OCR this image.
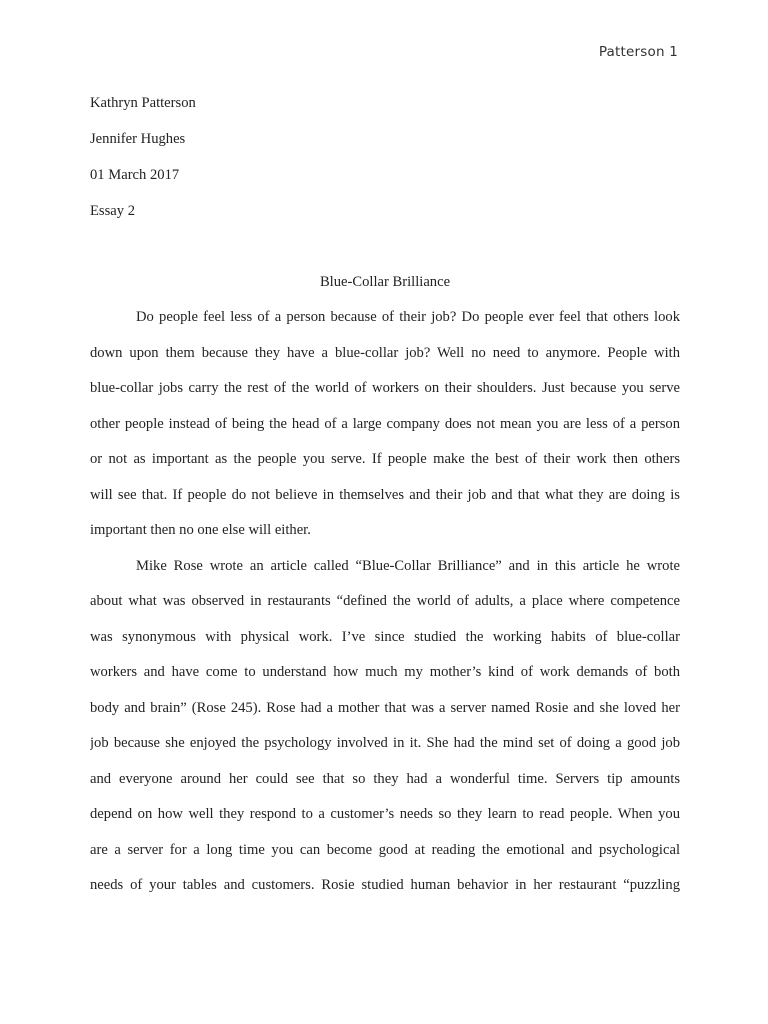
Patterson 1
Kathryn Patterson
Jennifer Hughes
01 March 2017
Essay 2
Blue-Collar Brilliance
Do people feel less of a person because of their job? Do people ever feel that others look
down upon them because they have a blue-collar job? Well no need to anymore. People with
blue-collar jobs carry the rest of the world of workers on their shoulders. Just because you serve
other people instead of being the head of a large company does not mean you are less of a person
or not as important as the people you serve. If people make the best of their work then others
will see that. If people do not believe in themselves and their job and that what they are doing is
important then no one else will either.
Mike Rose wrote an article called “Blue-Collar Brilliance” and in this article he wrote
about what was observed in restaurants “defined the world of adults, a place where competence
was synonymous with physical work. I’ve since studied the working habits of blue-collar
workers and have come to understand how much my mother’s kind of work demands of both
body and brain” (Rose 245). Rose had a mother that was a server named Rosie and she loved her
job because she enjoyed the psychology involved in it. She had the mind set of doing a good job
and everyone around her could see that so they had a wonderful time. Servers tip amounts
depend on how well they respond to a customer’s needs so they learn to read people. When you
are a server for a long time you can become good at reading the emotional and psychological
needs of your tables and customers. Rosie studied human behavior in her restaurant “puzzling
